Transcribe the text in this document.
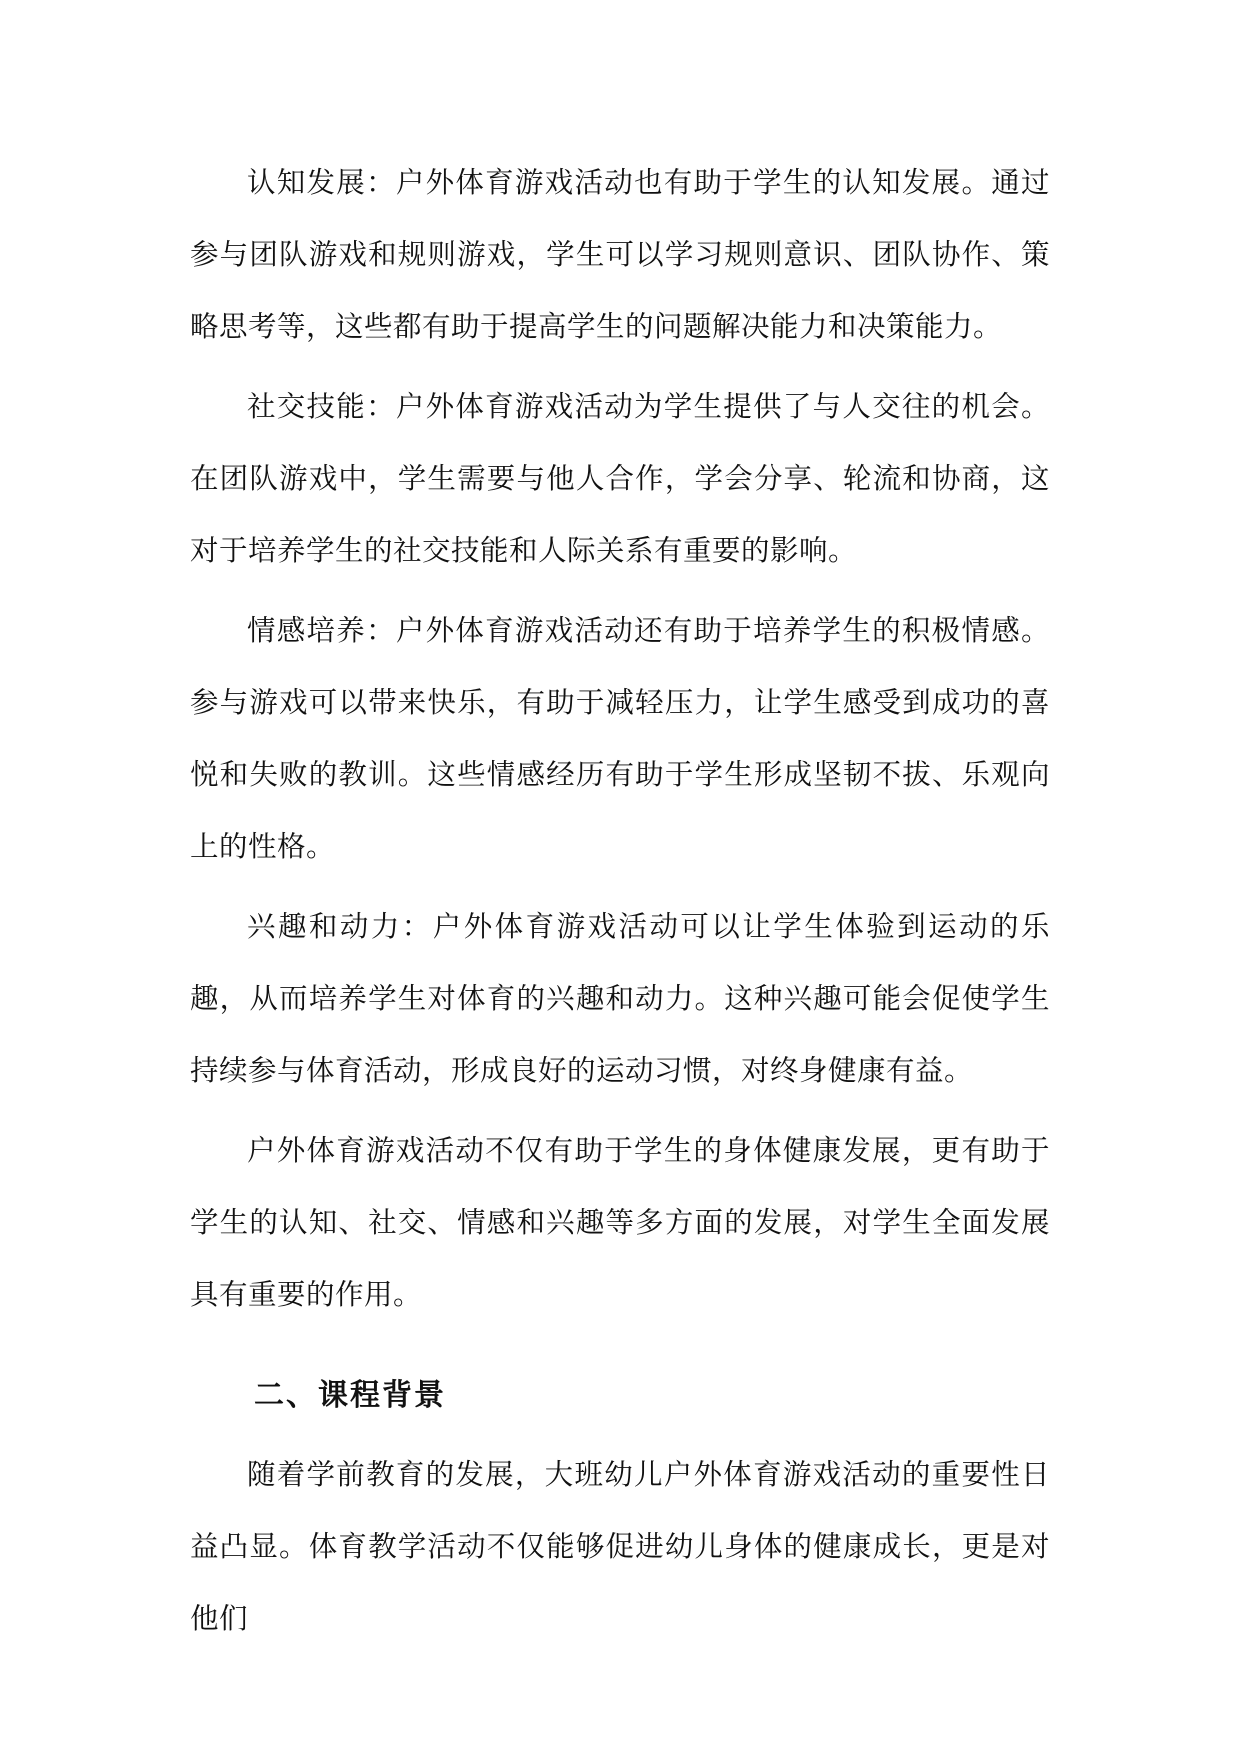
认知发展：户外体育游戏活动也有助于学生的认知发展。通过参与团队游戏和规则游戏，学生可以学习规则意识、团队协作、策略思考等，这些都有助于提高学生的问题解决能力和决策能力。

社交技能：户外体育游戏活动为学生提供了与人交往的机会。在团队游戏中，学生需要与他人合作，学会分享、轮流和协商，这对于培养学生的社交技能和人际关系有重要的影响。

情感培养：户外体育游戏活动还有助于培养学生的积极情感。参与游戏可以带来快乐，有助于减轻压力，让学生感受到成功的喜悦和失败的教训。这些情感经历有助于学生形成坚韧不拔、乐观向上的性格。

兴趣和动力：户外体育游戏活动可以让学生体验到运动的乐趣，从而培养学生对体育的兴趣和动力。这种兴趣可能会促使学生持续参与体育活动，形成良好的运动习惯，对终身健康有益。

户外体育游戏活动不仅有助于学生的身体健康发展，更有助于学生的认知、社交、情感和兴趣等多方面的发展，对学生全面发展具有重要的作用。

二、课程背景

随着学前教育的发展，大班幼儿户外体育游戏活动的重要性日益凸显。体育教学活动不仅能够促进幼儿身体的健康成长，更是对他们
